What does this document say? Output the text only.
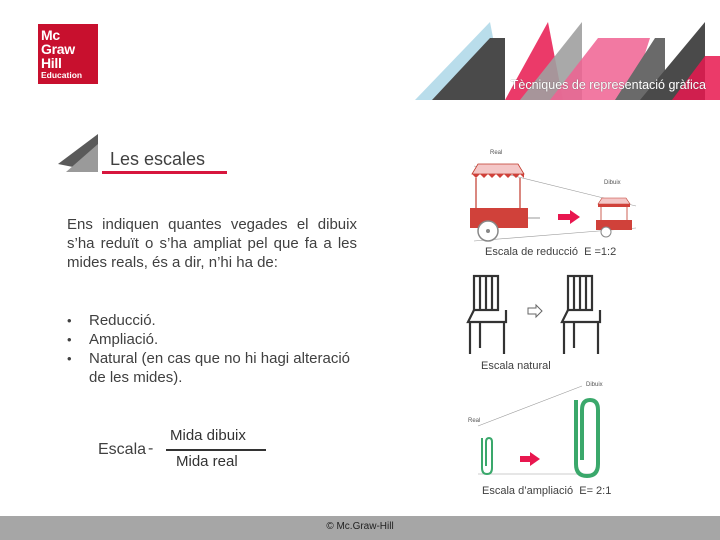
Mc
Graw
Hill
Education
Tècniques de representació gràfica
Les escales

Ens indiquen quantes vegades el dibuix s’ha reduït o s’ha ampliat pel que fa a les mides reals, és a dir, n’hi ha de:

• Reducció.
• Ampliació.
• Natural (en cas que no hi hagi alteració de les mides).
Escala -
Mida dibuix
Mida real
Real
Dibuix
Escala de reducció E =1:2
Escala natural
Real
Dibuix
Escala d’ampliació E= 2:1
© Mc.Graw-Hill
